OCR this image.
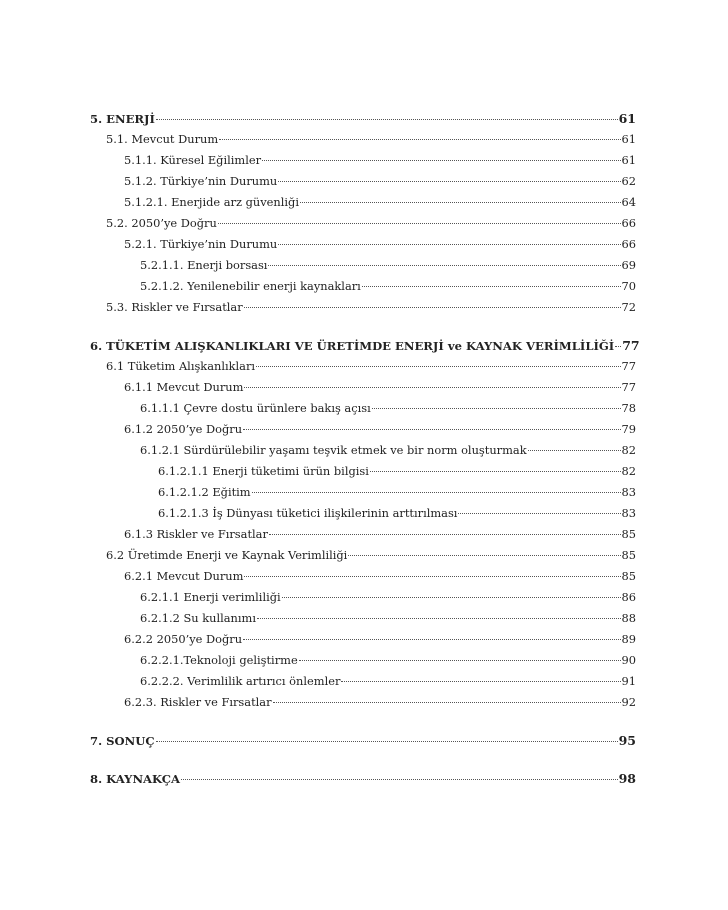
5. ENERJİ	61
5.1. Mevcut Durum	61
5.1.1. Küresel Eğilimler	61
5.1.2. Türkiye’nin Durumu	62
5.1.2.1. Enerjide arz güvenliği	64
5.2. 2050’ye Doğru	66
5.2.1. Türkiye’nin Durumu	66
5.2.1.1. Enerji borsası	69
5.2.1.2. Yenilenebilir enerji kaynakları	70
5.3. Riskler ve Fırsatlar	72
6. TÜKETİM ALIŞKANLIKLARI VE ÜRETİMDE ENERJİ ve KAYNAK VERİMLİLİĞİ 77
6.1 Tüketim Alışkanlıkları	77
6.1.1 Mevcut Durum	77
6.1.1.1 Çevre dostu ürünlere bakış açısı	78
6.1.2 2050’ye Doğru	79
6.1.2.1 Sürdürülebilir yaşamı teşvik etmek ve bir norm oluşturmak	82
6.1.2.1.1 Enerji tüketimi ürün bilgisi	82
6.1.2.1.2 Eğitim	83
6.1.2.1.3 İş Dünyası tüketici ilişkilerinin arttırılması	83
6.1.3 Riskler ve Fırsatlar	85
6.2 Üretimde Enerji ve Kaynak Verimliliği	85
6.2.1 Mevcut Durum	85
6.2.1.1 Enerji verimliliği	86
6.2.1.2 Su kullanımı	88
6.2.2 2050’ye Doğru	89
6.2.2.1.Teknoloji geliştirme	90
6.2.2.2. Verimlilik artırıcı önlemler	91
6.2.3. Riskler ve Fırsatlar	92
7. SONUÇ	95
8. KAYNAKÇA	98
